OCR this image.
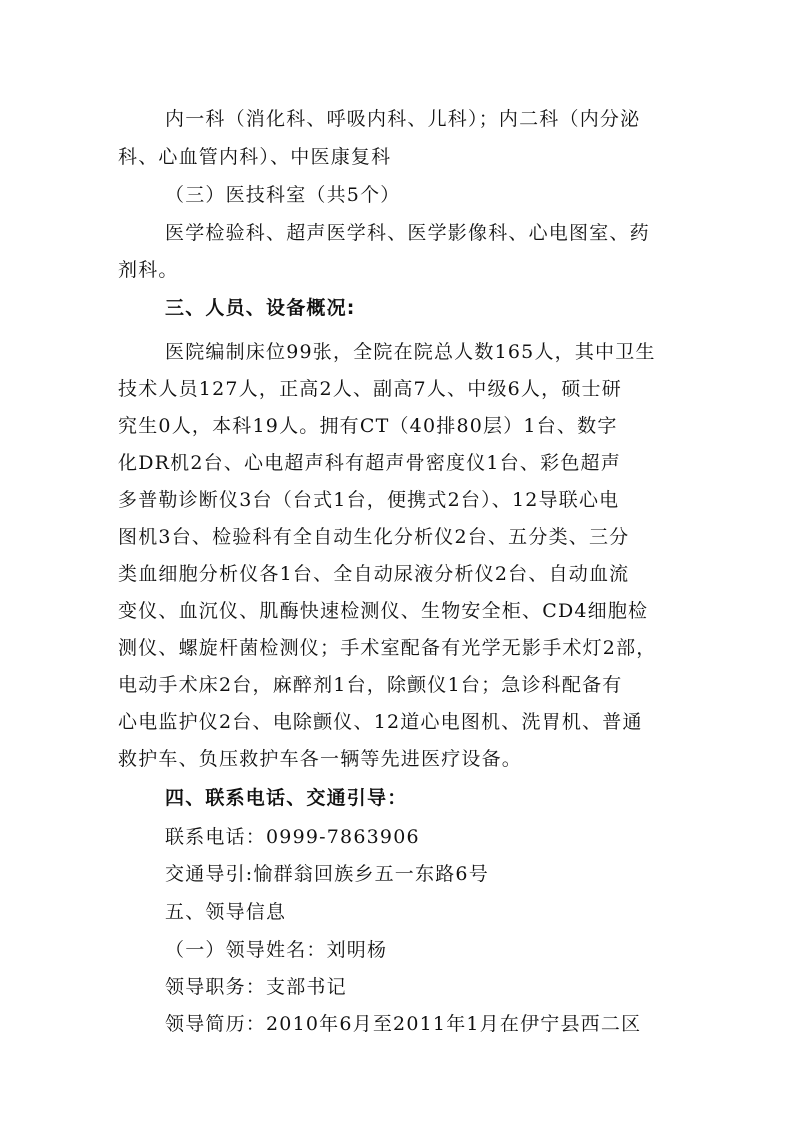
内一科（消化科、呼吸内科、儿科）；内二科（内分泌
科、心血管内科）、中医康复科
（三）医技科室（共5个）
医学检验科、超声医学科、医学影像科、心电图室、药
剂科。
三、人员、设备概况:
医院编制床位99张，全院在院总人数165人，其中卫生
技术人员127人，正高2人、副高7人、中级6人，硕士研
究生0人，本科19人。拥有CT（40排80层）1台、数字
化DR机2台、心电超声科有超声骨密度仪1台、彩色超声
多普勒诊断仪3台（台式1台，便携式2台）、12导联心电
图机3台、检验科有全自动生化分析仪2台、五分类、三分
类血细胞分析仪各1台、全自动尿液分析仪2台、自动血流
变仪、血沉仪、肌酶快速检测仪、生物安全柜、CD4细胞检
测仪、螺旋杆菌检测仪；手术室配备有光学无影手术灯2部，
电动手术床2台，麻醉剂1台，除颤仪1台；急诊科配备有
心电监护仪2台、电除颤仪、12道心电图机、洗胃机、普通
救护车、负压救护车各一辆等先进医疗设备。
四、联系电话、交通引导：
联系电话：0999-7863906
交通导引:愉群翁回族乡五一东路6号
五、领导信息
（一）领导姓名：刘明杨
领导职务：支部书记
领导简历：2010年6月至2011年1月在伊宁县西二区
